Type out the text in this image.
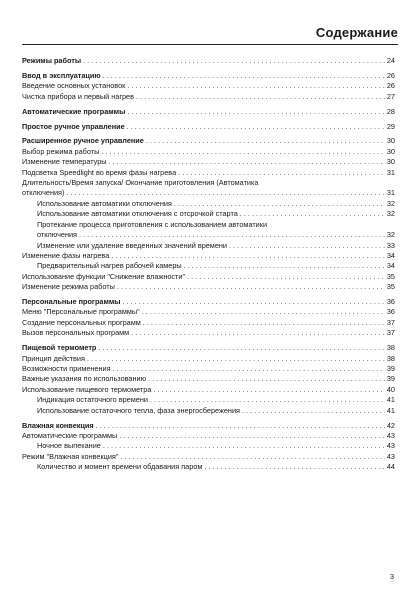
Содержание
Режимы работы . . .	24
Ввод в эксплуатацию . . .	26
Введение основных установок . . .	26
Чистка прибора и первый нагрев . . .	27
Автоматические программы . . .	28
Простое ручное управление . . .	29
Расширенное ручное управление . . .	30
Выбор режима работы . . .	30
Изменение температуры . . .	30
Подсветка Speedlight во время фазы нагрева . . .	31
Длительность/Время запуска/ Окончание приготовления (Автоматика
отключения) . . .	31
Использование автоматики отключения . . .	32
Использование автоматики отключения с отсрочкой старта . . .	32
Протекание процесса приготовления с использованием автоматики
отключения . . .	32
Изменение или удаление введенных значений времени . . .	33
Изменение фазы нагрева . . .	34
Предварительный нагрев рабочей камеры . . .	34
Использование функции "Снижение влажности" . . .	35
Изменение режима работы . . .	35
Персональные программы . . .	36
Меню "Персональные программы" . . .	36
Создание персональных программ . . .	37
Вызов персональных программ . . .	37
Пищевой термометр . . .	38
Принцип действия . . .	38
Возможности применения . . .	39
Важные указания по использованию . . .	39
Использование пищевого термометра . . .	40
Индикация остаточного времени . . .	41
Использование остаточного тепла, фаза энергосбережения . . .	41
Влажная конвекция . . .	42
Автоматические программы . . .	43
Ночное выпекание . . .	43
Режим "Влажная конвекция" . . .	43
Количество и момент времени обдавания паром . . .	44
3
